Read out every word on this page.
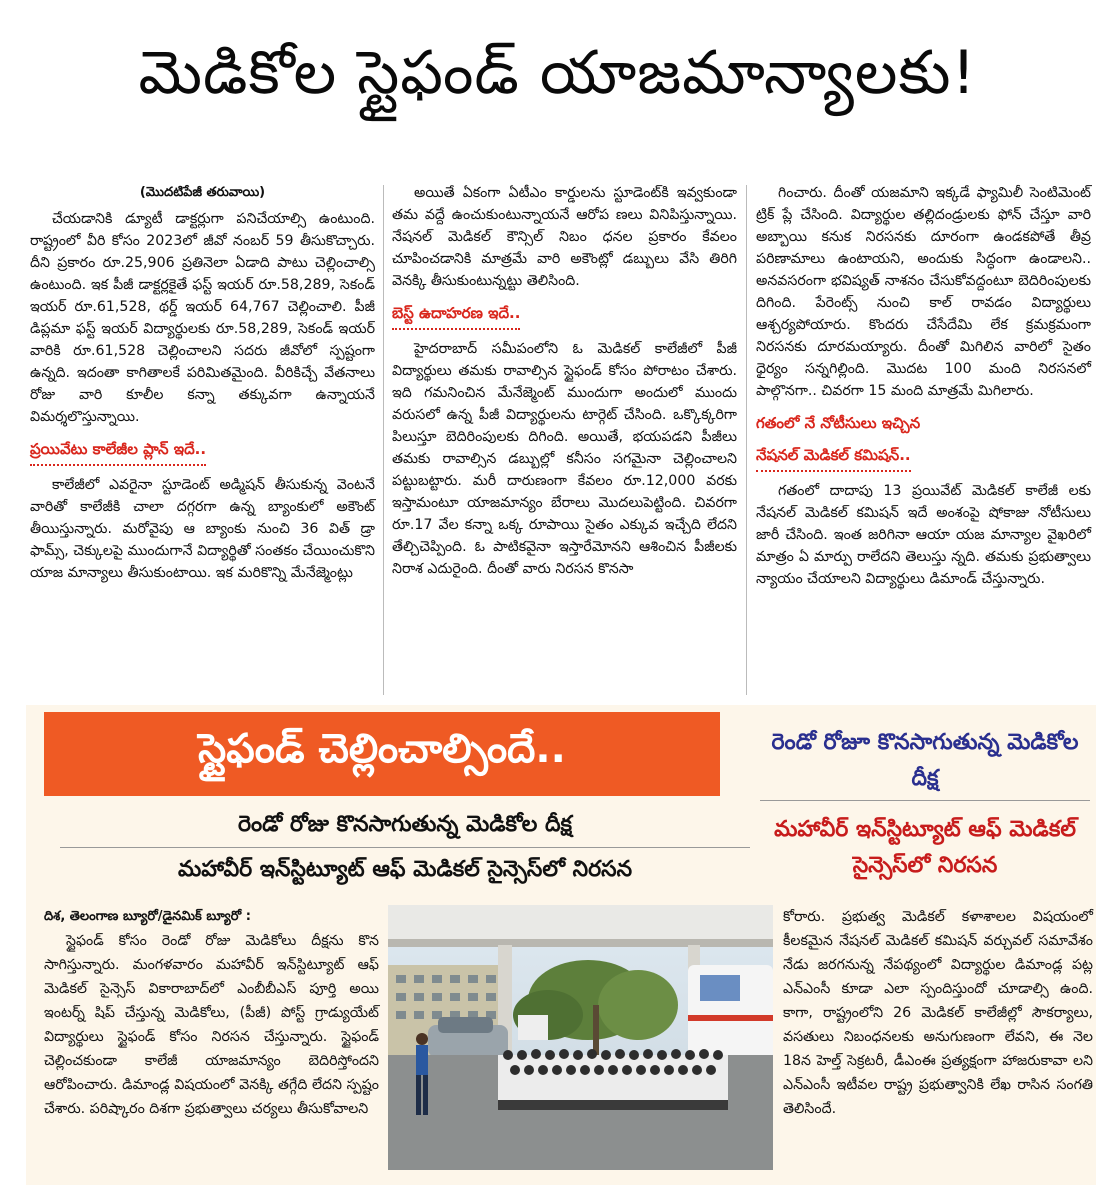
మెడికోల స్టైఫండ్ యాజమాన్యాలకు!

(మొదటిపేజీ తరువాయి)

చేయడానికి డ్యూటీ డాక్టర్లుగా పనిచేయాల్సి ఉంటుంది. రాష్ట్రంలో వీరి కోసం 2023లో జీవో నంబర్ 59 తీసుకొచ్చారు. దీని ప్రకారం రూ.25,906 ప్రతినెలా ఏడాది పాటు చెల్లించాల్సి ఉంటుంది. ఇక పీజీ డాక్టర్లకైతే ఫస్ట్ ఇయర్ రూ.58,289, సెకండ్ ఇయర్ రూ.61,528, థర్డ్ ఇయర్ 64,767 చెల్లించాలి. పీజీ డిప్లమా ఫస్ట్ ఇయర్ విద్యార్థులకు రూ.58,289, సెకండ్ ఇయర్ వారికి రూ.61,528 చెల్లించాలని సదరు జీవోలో స్పష్టంగా ఉన్నది. ఇదంతా కాగితాలకే పరిమితమైంది. వీరికిచ్చే వేతనాలు రోజు వారి కూలీల కన్నా తక్కువగా ఉన్నాయనే విమర్శలొస్తున్నాయి.

ప్రయివేటు కాలేజీల ప్లాన్ ఇదే..

కాలేజీలో ఎవరైనా స్టూడెంట్ అడ్మిషన్ తీసుకున్న వెంటనే వారితో కాలేజీకి చాలా దగ్గరగా ఉన్న బ్యాంకులో అకౌంట్ తీయిస్తున్నారు. మరోవైపు ఆ బ్యాంకు నుంచి 36 విత్ డ్రా ఫామ్స్, చెక్కులపై ముందుగానే విద్యార్థితో సంతకం చేయించుకొని యాజ మాన్యాలు తీసుకుంటాయి. ఇక మరికొన్ని మేనేజ్మెంట్లు

అయితే ఏకంగా ఏటీఎం కార్డులను స్టూడెంట్‌కి ఇవ్వకుండా తమ వద్దే ఉంచుకుంటున్నాయనే ఆరోప ణలు వినిపిస్తున్నాయి. నేషనల్ మెడికల్ కౌన్సిల్ నిబం ధనల ప్రకారం కేవలం చూపించడానికి మాత్రమే వారి అకౌంట్లో డబ్బులు వేసి తిరిగి వెనక్కి తీసుకుంటున్నట్టు తెలిసింది.

బెస్ట్ ఉదాహరణ ఇదే..

హైదరాబాద్ సమీపంలోని ఓ మెడికల్ కాలేజీలో పీజీ విద్యార్థులు తమకు రావాల్సిన స్టైఫండ్ కోసం పోరాటం చేశారు. ఇది గమనించిన మేనేజ్మెంట్ ముందుగా అందులో ముందు వరుసలో ఉన్న పీజీ విద్యార్థులను టార్గెట్ చేసింది. ఒక్కొక్కరిగా పిలుస్తూ బెదిరింపులకు దిగింది. అయితే, భయపడని పీజీలు తమకు రావాల్సిన డబ్బుల్లో కనీసం సగమైనా చెల్లించాలని పట్టుబట్టారు. మరీ దారుణంగా కేవలం రూ.12,000 వరకు ఇస్తామంటూ యాజమాన్యం బేరాలు మొదలుపెట్టింది. చివరగా రూ.17 వేల కన్నా ఒక్క రూపాయి సైతం ఎక్కువ ఇచ్చేది లేదని తేల్చిచెప్పింది. ఓ పాటికవైనా ఇస్తారేమోనని ఆశించిన పీజీలకు నిరాశ ఎదురైంది. దీంతో వారు నిరసన కొనసా

గించారు. దీంతో యజమాని ఇక్కడే ఫ్యామిలీ సెంటిమెంట్ ట్రిక్ ప్లే చేసింది. విద్యార్థుల తల్లిదండ్రులకు ఫోన్ చేస్తూ వారి అబ్బాయి కనుక నిరసనకు దూరంగా ఉండకపోతే తీవ్ర పరిణామాలు ఉంటాయని, అందుకు సిద్ధంగా ఉండాలని.. అనవసరంగా భవిష్యత్ నాశనం చేసుకోవద్దంటూ బెదిరింపులకు దిగింది. పేరెంట్స్ నుంచి కాల్ రావడం విద్యార్థులు ఆశ్చర్యపోయారు. కొందరు చేసేదేమి లేక క్రమక్రమంగా నిరసనకు దూరమయ్యారు. దీంతో మిగిలిన వారిలో సైతం ధైర్యం సన్నగిల్లింది. మొదట 100 మంది నిరసనలో పాల్గొనగా.. చివరగా 15 మంది మాత్రమే మిగిలారు.

గతంలో నే నోటీసులు ఇచ్చిన
నేషనల్ మెడికల్ కమిషన్..

గతంలో దాదాపు 13 ప్రయివేట్ మెడికల్ కాలేజీ లకు నేషనల్ మెడికల్ కమిషన్ ఇదే అంశంపై షోకాజు నోటీసులు జారీ చేసింది. ఇంత జరిగినా ఆయా యజ మాన్యాల వైఖరిలో మాత్రం ఏ మార్పు రాలేదని తెలుస్తు న్నది. తమకు ప్రభుత్వాలు న్యాయం చేయాలని విద్యార్థులు డిమాండ్ చేస్తున్నారు.

స్టైఫండ్ చెల్లించాల్సిందే..	రెండో రోజూ కొనసాగుతున్న మెడికోల దీక్ష
మహావీర్ ఇన్‌స్టిట్యూట్ ఆఫ్ మెడికల్ సైన్సెస్‌లో నిరసన
రెండో రోజు కొనసాగుతున్న మెడికోల దీక్ష
మహావీర్ ఇన్‌స్టిట్యూట్ ఆఫ్ మెడికల్ సైన్సెస్‌లో నిరసన

దిశ, తెలంగాణ బ్యూరో/డైనమిక్ బ్యూరో :

స్టైఫండ్ కోసం రెండో రోజు మెడికోలు దీక్షను కొన సాగిస్తున్నారు. మంగళవారం మహావీర్ ఇన్‌స్టిట్యూట్ ఆఫ్ మెడికల్ సైన్సెస్ వికారాబాద్‌లో ఎంబీబీఎస్ పూర్తి అయి ఇంటర్న్ షిప్ చేస్తున్న మెడికోలు, (పీజీ) పోస్ట్ గ్రాడ్యుయేట్ విద్యార్థులు స్టైఫండ్ కోసం నిరసన చేస్తున్నారు. స్టైఫండ్ చెల్లించకుండా కాలేజీ యాజమాన్యం బెదిరిస్తోందని ఆరోపించారు. డిమాండ్ల విషయంలో వెనక్కి తగ్గేది లేదని స్పష్టం చేశారు. పరిష్కారం దిశగా ప్రభుత్వాలు చర్యలు తీసుకోవాలని

కోరారు. ప్రభుత్వ మెడికల్ కళాశాలల విషయంలో కీలకమైన నేషనల్ మెడికల్ కమిషన్ వర్చువల్ సమావేశం నేడు జరగనున్న నేపథ్యంలో విద్యార్థుల డిమాండ్ల పట్ల ఎన్ఎంసీ కూడా ఎలా స్పందిస్తుందో చూడాల్సి ఉంది. కాగా, రాష్ట్రంలోని 26 మెడికల్ కాలేజీల్లో సౌకర్యాలు, వసతులు నిబంధనలకు అనుగుణంగా లేవని, ఈ నెల 18న హెల్త్ సెక్రటరీ, డీఎంఈ ప్రత్యక్షంగా హాజరుకావా లని ఎన్ఎంసీ ఇటీవల రాష్ట్ర ప్రభుత్వానికి లేఖ రాసిన సంగతి తెలిసిందే.
